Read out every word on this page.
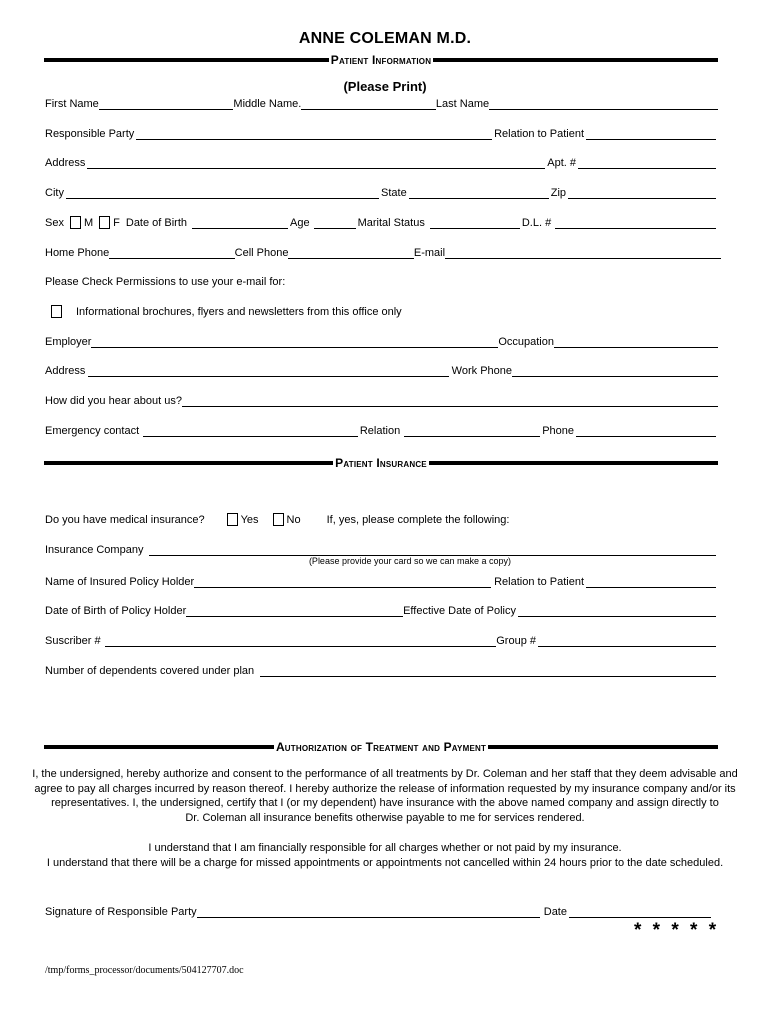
ANNE COLEMAN M.D.
Patient Information
(Please Print)
First Name	Middle Name.	Last Name
Responsible Party	Relation to Patient
Address	Apt. #
City	State	Zip
Sex M F Date of Birth	Age	Marital Status	D.L. #
Home Phone	Cell Phone	E-mail
Please Check Permissions to use your e-mail for:
Informational brochures, flyers and newsletters from this office only
Employer	Occupation
Address	Work Phone
How did you hear about us?
Emergency contact	Relation	Phone
Patient Insurance
Do you have medical insurance?	Yes	No If, yes, please complete the following:
Insurance Company
(Please provide your card so we can make a copy)
Name of Insured Policy Holder	Relation to Patient
Date of Birth of Policy Holder	Effective Date of Policy
Suscriber #	Group #
Number of dependents covered under plan
Authorization of Treatment and Payment
I, the undersigned, hereby authorize and consent to the performance of all treatments by Dr. Coleman and her staff that they deem advisable and
agree to pay all charges incurred by reason thereof. I hereby authorize the release of information requested by my insurance company and/or its
representatives. I, the undersigned, certify that I (or my dependent) have insurance with the above named company and assign directly to
Dr. Coleman all insurance benefits otherwise payable to me for services rendered.
I understand that I am financially responsible for all charges whether or not paid by my insurance.
I understand that there will be a charge for missed appointments or appointments not cancelled within 24 hours prior to the date scheduled.
Signature of Responsible Party	Date
* * * * *
/tmp/forms_processor/documents/504127707.doc
